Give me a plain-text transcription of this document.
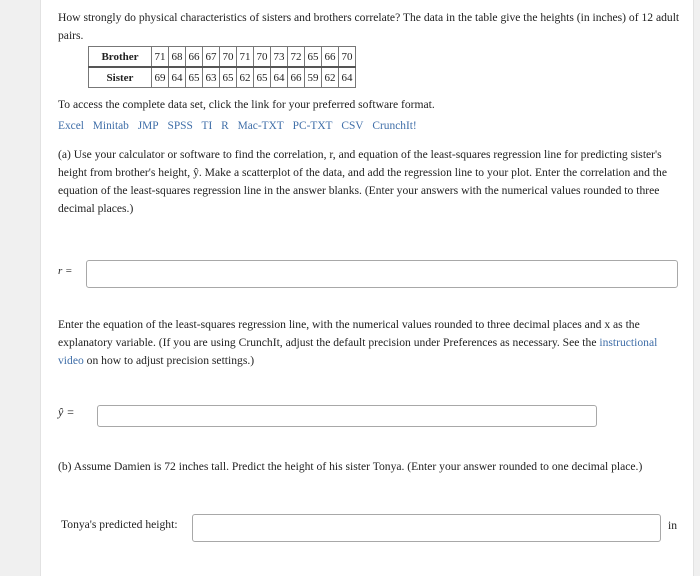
How strongly do physical characteristics of sisters and brothers correlate? The data in the table give the heights (in inches) of 12 adult pairs.

Brother	71	68	66	67	70	71	70	73	72	65	66	70
Sister	69	64	65	63	65	62	65	64	66	59	62	64

To access the complete data set, click the link for your preferred software format.

Excel Minitab JMP SPSS TI R Mac-TXT PC-TXT CSV CrunchIt!

(a) Use your calculator or software to find the correlation, r, and equation of the least-squares regression line for predicting sister's height from brother's height, ŷ. Make a scatterplot of the data, and add the regression line to your plot. Enter the correlation and the equation of the least-squares regression line in the answer blanks. (Enter your answers with the numerical values rounded to three decimal places.)

r =

Enter the equation of the least-squares regression line, with the numerical values rounded to three decimal places and x as the explanatory variable. (If you are using CrunchIt, adjust the default precision under Preferences as necessary. See the instructional video on how to adjust precision settings.)

ŷ =

(b) Assume Damien is 72 inches tall. Predict the height of his sister Tonya. (Enter your answer rounded to one decimal place.)

Tonya's predicted height:	in
